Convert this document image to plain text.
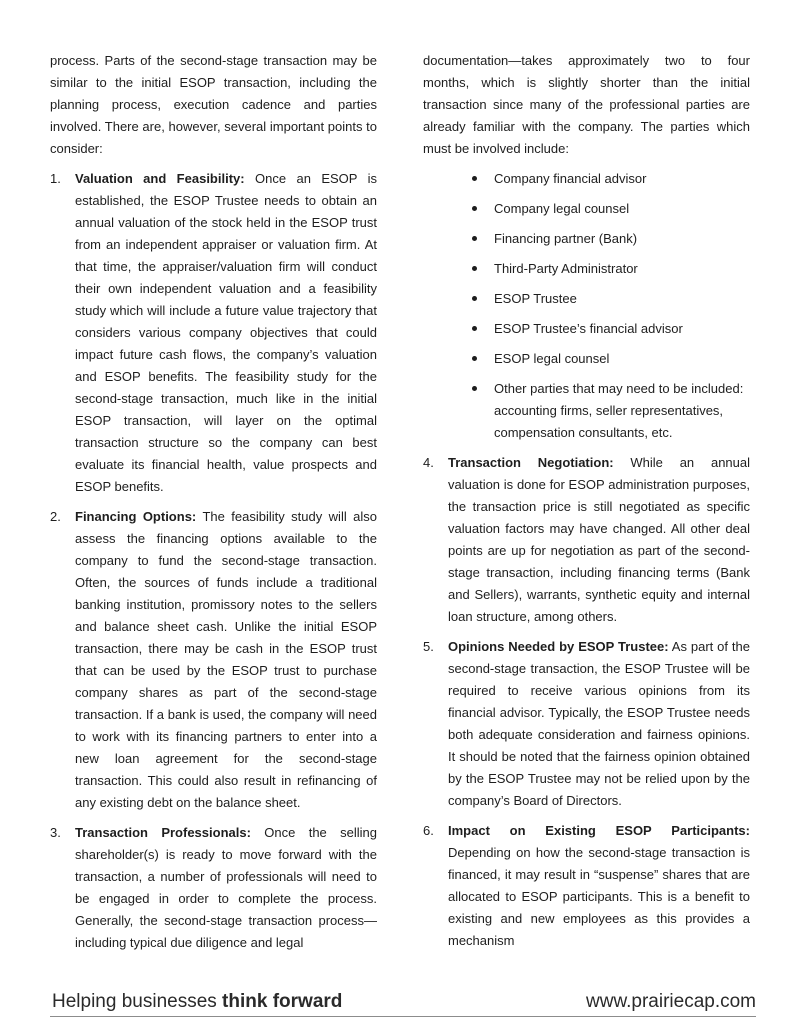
process. Parts of the second-stage transaction may be similar to the initial ESOP transaction, including the planning process, execution cadence and parties involved. There are, however, several important points to consider:

1.	Valuation and Feasibility: Once an ESOP is established, the ESOP Trustee needs to obtain an annual valuation of the stock held in the ESOP trust from an independent appraiser or valuation firm. At that time, the appraiser/valuation firm will conduct their own independent valuation and a feasibility study which will include a future value trajectory that considers various company objectives that could impact future cash flows, the company’s valuation and ESOP benefits. The feasibility study for the second-stage transaction, much like in the initial ESOP transaction, will layer on the optimal transaction structure so the company can best evaluate its financial health, value prospects and ESOP benefits.
2.	Financing Options: The feasibility study will also assess the financing options available to the company to fund the second-stage transaction. Often, the sources of funds include a traditional banking institution, promissory notes to the sellers and balance sheet cash. Unlike the initial ESOP transaction, there may be cash in the ESOP trust that can be used by the ESOP trust to purchase company shares as part of the second-stage transaction. If a bank is used, the company will need to work with its financing partners to enter into a new loan agreement for the second-stage transaction. This could also result in refinancing of any existing debt on the balance sheet.
3.	Transaction Professionals: Once the selling shareholder(s) is ready to move forward with the transaction, a number of professionals will need to be engaged in order to complete the process. Generally, the second-stage transaction process—including typical due diligence and legal

documentation—takes approximately two to four months, which is slightly shorter than the initial transaction since many of the professional parties are already familiar with the company. The parties which must be involved include:

Company financial advisor
Company legal counsel
Financing partner (Bank)
Third-Party Administrator
ESOP Trustee
ESOP Trustee’s financial advisor
ESOP legal counsel
Other parties that may need to be included: accounting firms, seller representatives, compensation consultants, etc.
4.	Transaction Negotiation: While an annual valuation is done for ESOP administration purposes, the transaction price is still negotiated as specific valuation factors may have changed. All other deal points are up for negotiation as part of the second-stage transaction, including financing terms (Bank and Sellers), warrants, synthetic equity and internal loan structure, among others.
5.	Opinions Needed by ESOP Trustee: As part of the second-stage transaction, the ESOP Trustee will be required to receive various opinions from its financial advisor. Typically, the ESOP Trustee needs both adequate consideration and fairness opinions. It should be noted that the fairness opinion obtained by the ESOP Trustee may not be relied upon by the company’s Board of Directors.
6.	Impact on Existing ESOP Participants: Depending on how the second-stage transaction is financed, it may result in “suspense” shares that are allocated to ESOP participants. This is a benefit to existing and new employees as this provides a mechanism
Helping businesses think forward	www.prairiecap.com
